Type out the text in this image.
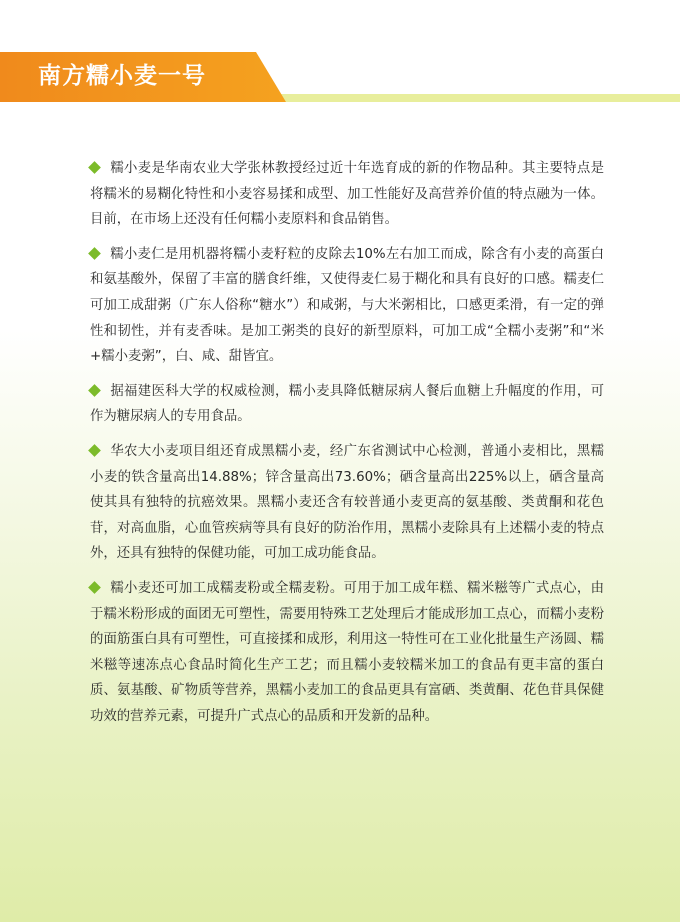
南方糯小麦一号

糯小麦是华南农业大学张林教授经过近十年选育成的新的作物品种。其主要特点是将糯米的易糊化特性和小麦容易揉和成型、加工性能好及高营养价值的特点融为一体。目前，在市场上还没有任何糯小麦原料和食品销售。

糯小麦仁是用机器将糯小麦籽粒的皮除去10%左右加工而成，除含有小麦的高蛋白和氨基酸外，保留了丰富的膳食纤维，又使得麦仁易于糊化和具有良好的口感。糯麦仁可加工成甜粥（广东人俗称“糖水”）和咸粥，与大米粥相比，口感更柔滑，有一定的弹性和韧性，并有麦香味。是加工粥类的良好的新型原料，可加工成“全糯小麦粥”和“米+糯小麦粥”，白、咸、甜皆宜。

据福建医科大学的权威检测，糯小麦具降低糖尿病人餐后血糖上升幅度的作用，可作为糖尿病人的专用食品。

华农大小麦项目组还育成黑糯小麦，经广东省测试中心检测，普通小麦相比，黑糯小麦的铁含量高出14.88%；锌含量高出73.60%；硒含量高出225%以上，硒含量高使其具有独特的抗癌效果。黑糯小麦还含有较普通小麦更高的氨基酸、类黄酮和花色苷，对高血脂，心血管疾病等具有良好的防治作用，黑糯小麦除具有上述糯小麦的特点外，还具有独特的保健功能，可加工成功能食品。

糯小麦还可加工成糯麦粉或全糯麦粉。可用于加工成年糕、糯米糍等广式点心，由于糯米粉形成的面团无可塑性，需要用特殊工艺处理后才能成形加工点心，而糯小麦粉的面筋蛋白具有可塑性，可直接揉和成形，利用这一特性可在工业化批量生产汤圆、糯米糍等速冻点心食品时简化生产工艺；而且糯小麦较糯米加工的食品有更丰富的蛋白质、氨基酸、矿物质等营养，黑糯小麦加工的食品更具有富硒、类黄酮、花色苷具保健功效的营养元素，可提升广式点心的品质和开发新的品种。
